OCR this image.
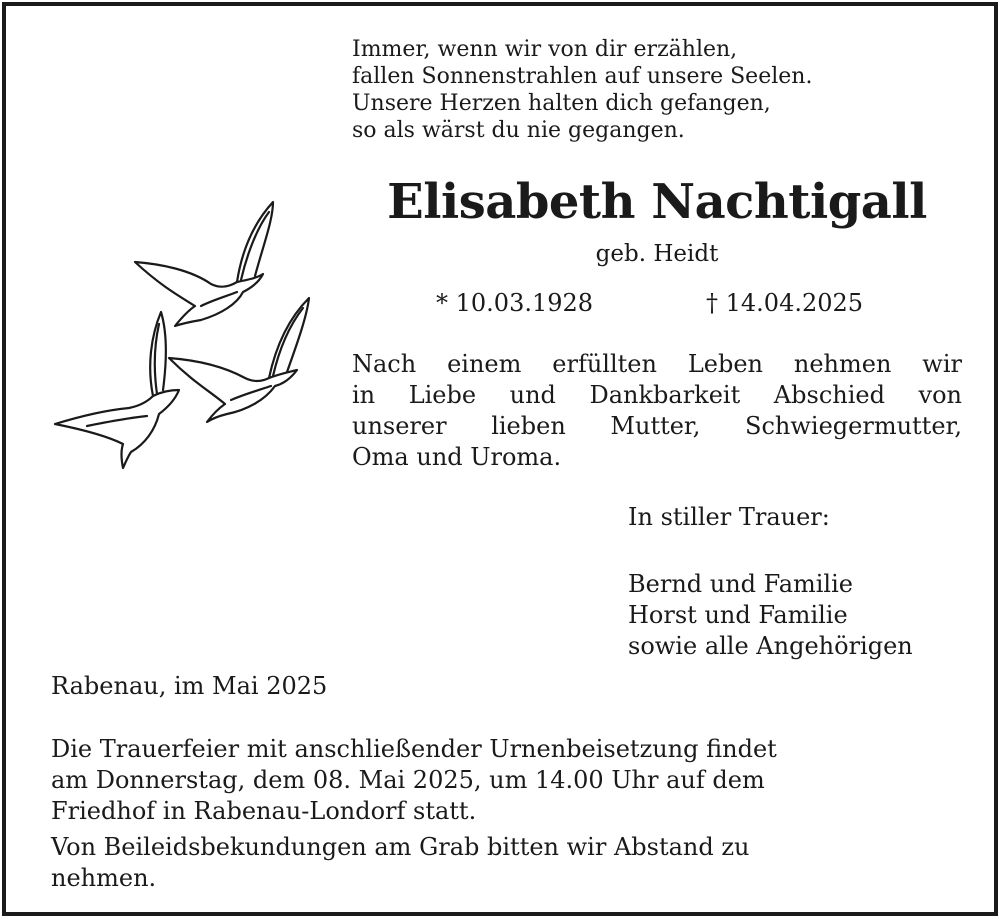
Immer, wenn wir von dir erzählen,
fallen Sonnenstrahlen auf unsere Seelen.
Unsere Herzen halten dich gefangen,
so als wärst du nie gegangen.
Elisabeth Nachtigall
geb. Heidt
* 10.03.1928	† 14.04.2025
Nach einem erfüllten Leben nehmen wir
in Liebe und Dankbarkeit Abschied von
unserer lieben Mutter, Schwiegermutter,
Oma und Uroma.
In stiller Trauer:
Bernd und Familie
Horst und Familie
sowie alle Angehörigen
Rabenau, im Mai 2025
Die Trauerfeier mit anschließender Urnenbeisetzung findet
am Donnerstag, dem 08. Mai 2025, um 14.00 Uhr auf dem
Friedhof in Rabenau-Londorf statt.
Von Beileidsbekundungen am Grab bitten wir Abstand zu
nehmen.
